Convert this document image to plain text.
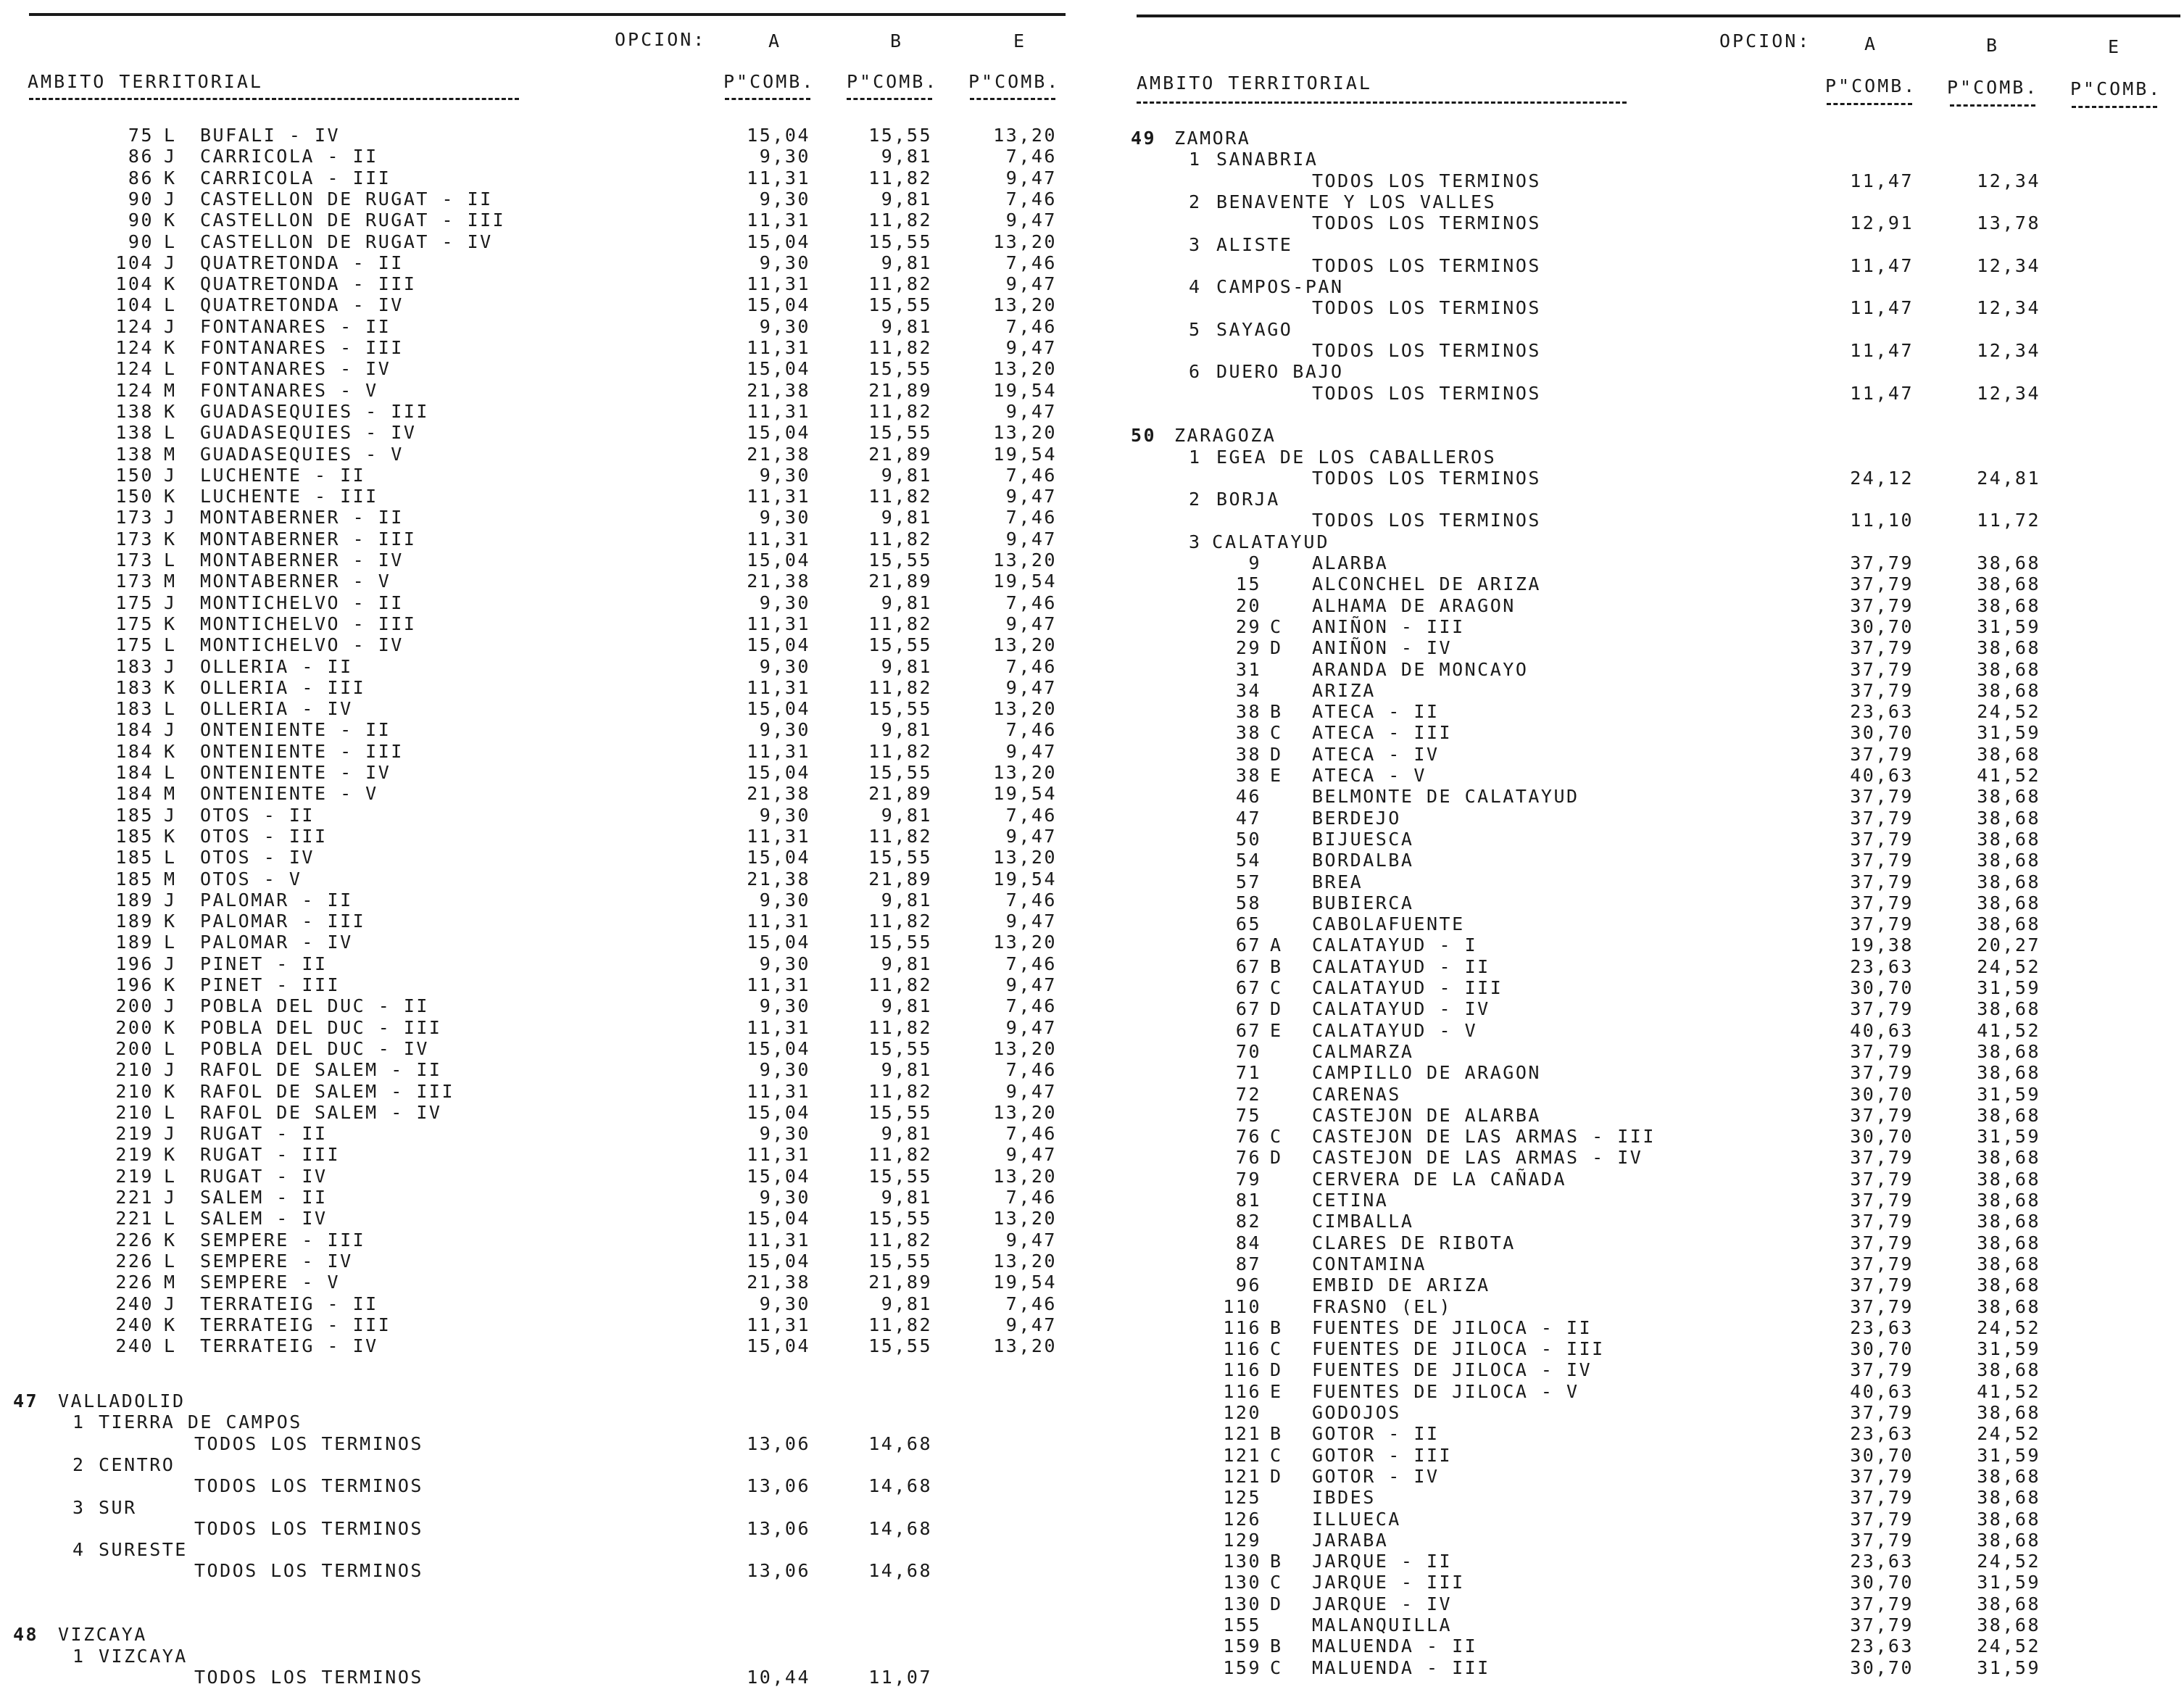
OPCION:	A	B	E
AMBITO TERRITORIAL	P"COMB. P"COMB. P"COMB.
75 L BUFALI - IV	15,04	15,55	13,20
86 J CARRICOLA - II	9,30	9,81	7,46
86 K CARRICOLA - III	11,31	11,82	9,47
90 J CASTELLON DE RUGAT - II	9,30	9,81	7,46
90 K CASTELLON DE RUGAT - III	11,31	11,82	9,47
90 L CASTELLON DE RUGAT - IV	15,04	15,55	13,20
104 J QUATRETONDA - II	9,30	9,81	7,46
104 K QUATRETONDA - III	11,31	11,82	9,47
104 L QUATRETONDA - IV	15,04	15,55	13,20
124 J FONTANARES - II	9,30	9,81	7,46
124 K FONTANARES - III	11,31	11,82	9,47
124 L FONTANARES - IV	15,04	15,55	13,20
124 M FONTANARES - V	21,38	21,89	19,54
138 K GUADASEQUIES - III	11,31	11,82	9,47
138 L GUADASEQUIES - IV	15,04	15,55	13,20
138 M GUADASEQUIES - V	21,38	21,89	19,54
150 J LUCHENTE - II	9,30	9,81	7,46
150 K LUCHENTE - III	11,31	11,82	9,47
173 J MONTABERNER - II	9,30	9,81	7,46
173 K MONTABERNER - III	11,31	11,82	9,47
173 L MONTABERNER - IV	15,04	15,55	13,20
173 M MONTABERNER - V	21,38	21,89	19,54
175 J MONTICHELVO - II	9,30	9,81	7,46
175 K MONTICHELVO - III	11,31	11,82	9,47
175 L MONTICHELVO - IV	15,04	15,55	13,20
183 J OLLERIA - II	9,30	9,81	7,46
183 K OLLERIA - III	11,31	11,82	9,47
183 L OLLERIA - IV	15,04	15,55	13,20
184 J ONTENIENTE - II	9,30	9,81	7,46
184 K ONTENIENTE - III	11,31	11,82	9,47
184 L ONTENIENTE - IV	15,04	15,55	13,20
184 M ONTENIENTE - V	21,38	21,89	19,54
185 J OTOS - II	9,30	9,81	7,46
185 K OTOS - III	11,31	11,82	9,47
185 L OTOS - IV	15,04	15,55	13,20
185 M OTOS - V	21,38	21,89	19,54
189 J PALOMAR - II	9,30	9,81	7,46
189 K PALOMAR - III	11,31	11,82	9,47
189 L PALOMAR - IV	15,04	15,55	13,20
196 J PINET - II	9,30	9,81	7,46
196 K PINET - III	11,31	11,82	9,47
200 J POBLA DEL DUC - II	9,30	9,81	7,46
200 K POBLA DEL DUC - III	11,31	11,82	9,47
200 L POBLA DEL DUC - IV	15,04	15,55	13,20
210 J RAFOL DE SALEM - II	9,30	9,81	7,46
210 K RAFOL DE SALEM - III	11,31	11,82	9,47
210 L RAFOL DE SALEM - IV	15,04	15,55	13,20
219 J RUGAT - II	9,30	9,81	7,46
219 K RUGAT - III	11,31	11,82	9,47
219 L RUGAT - IV	15,04	15,55	13,20
221 J SALEM - II	9,30	9,81	7,46
221 L SALEM - IV	15,04	15,55	13,20
226 K SEMPERE - III	11,31	11,82	9,47
226 L SEMPERE - IV	15,04	15,55	13,20
226 M SEMPERE - V	21,38	21,89	19,54
240 J TERRATEIG - II	9,30	9,81	7,46
240 K TERRATEIG - III	11,31	11,82	9,47
240 L TERRATEIG - IV	15,04	15,55	13,20
47 VALLADOLID
1 TIERRA DE CAMPOS
TODOS LOS TERMINOS	13,06	14,68
2 CENTRO
TODOS LOS TERMINOS	13,06	14,68
3 SUR
TODOS LOS TERMINOS	13,06	14,68
4 SURESTE
TODOS LOS TERMINOS	13,06	14,68
48 VIZCAYA
1 VIZCAYA
TODOS LOS TERMINOS	10,44	11,07
OPCION:	A	B	E
AMBITO TERRITORIAL	P"COMB. P"COMB. P"COMB.
49 ZAMORA
1 SANABRIA
TODOS LOS TERMINOS	11,47	12,34
2 BENAVENTE Y LOS VALLES
TODOS LOS TERMINOS	12,91	13,78
3 ALISTE
TODOS LOS TERMINOS	11,47	12,34
4 CAMPOS-PAN
TODOS LOS TERMINOS	11,47	12,34
5 SAYAGO
TODOS LOS TERMINOS	11,47	12,34
6 DUERO BAJO
TODOS LOS TERMINOS	11,47	12,34
50 ZARAGOZA
1 EGEA DE LOS CABALLEROS
TODOS LOS TERMINOS	24,12	24,81
2 BORJA
TODOS LOS TERMINOS	11,10	11,72
3 CALATAYUD
9	ALARBA	37,79	38,68
15	ALCONCHEL DE ARIZA	37,79	38,68
20	ALHAMA DE ARAGON	37,79	38,68
29 C ANIÑON - III	30,70	31,59
29 D ANIÑON - IV	37,79	38,68
31	ARANDA DE MONCAYO	37,79	38,68
34	ARIZA	37,79	38,68
38 B ATECA - II	23,63	24,52
38 C ATECA - III	30,70	31,59
38 D ATECA - IV	37,79	38,68
38 E ATECA - V	40,63	41,52
46	BELMONTE DE CALATAYUD	37,79	38,68
47	BERDEJO	37,79	38,68
50	BIJUESCA	37,79	38,68
54	BORDALBA	37,79	38,68
57	BREA	37,79	38,68
58	BUBIERCA	37,79	38,68
65	CABOLAFUENTE	37,79	38,68
67 A CALATAYUD - I	19,38	20,27
67 B CALATAYUD - II	23,63	24,52
67 C CALATAYUD - III	30,70	31,59
67 D CALATAYUD - IV	37,79	38,68
67 E CALATAYUD - V	40,63	41,52
70	CALMARZA	37,79	38,68
71	CAMPILLO DE ARAGON	37,79	38,68
72	CARENAS	30,70	31,59
75	CASTEJON DE ALARBA	37,79	38,68
76 C CASTEJON DE LAS ARMAS - III	30,70	31,59
76 D CASTEJON DE LAS ARMAS - IV	37,79	38,68
79	CERVERA DE LA CAÑADA	37,79	38,68
81	CETINA	37,79	38,68
82	CIMBALLA	37,79	38,68
84	CLARES DE RIBOTA	37,79	38,68
87	CONTAMINA	37,79	38,68
96	EMBID DE ARIZA	37,79	38,68
110	FRASNO (EL)	37,79	38,68
116 B FUENTES DE JILOCA - II	23,63	24,52
116 C FUENTES DE JILOCA - III	30,70	31,59
116 D FUENTES DE JILOCA - IV	37,79	38,68
116 E FUENTES DE JILOCA - V	40,63	41,52
120	GODOJOS	37,79	38,68
121 B GOTOR - II	23,63	24,52
121 C GOTOR - III	30,70	31,59
121 D GOTOR - IV	37,79	38,68
125	IBDES	37,79	38,68
126	ILLUECA	37,79	38,68
129	JARABA	37,79	38,68
130 B JARQUE - II	23,63	24,52
130 C JARQUE - III	30,70	31,59
130 D JARQUE - IV	37,79	38,68
155	MALANQUILLA	37,79	38,68
159 B MALUENDA - II	23,63	24,52
159 C MALUENDA - III	30,70	31,59
